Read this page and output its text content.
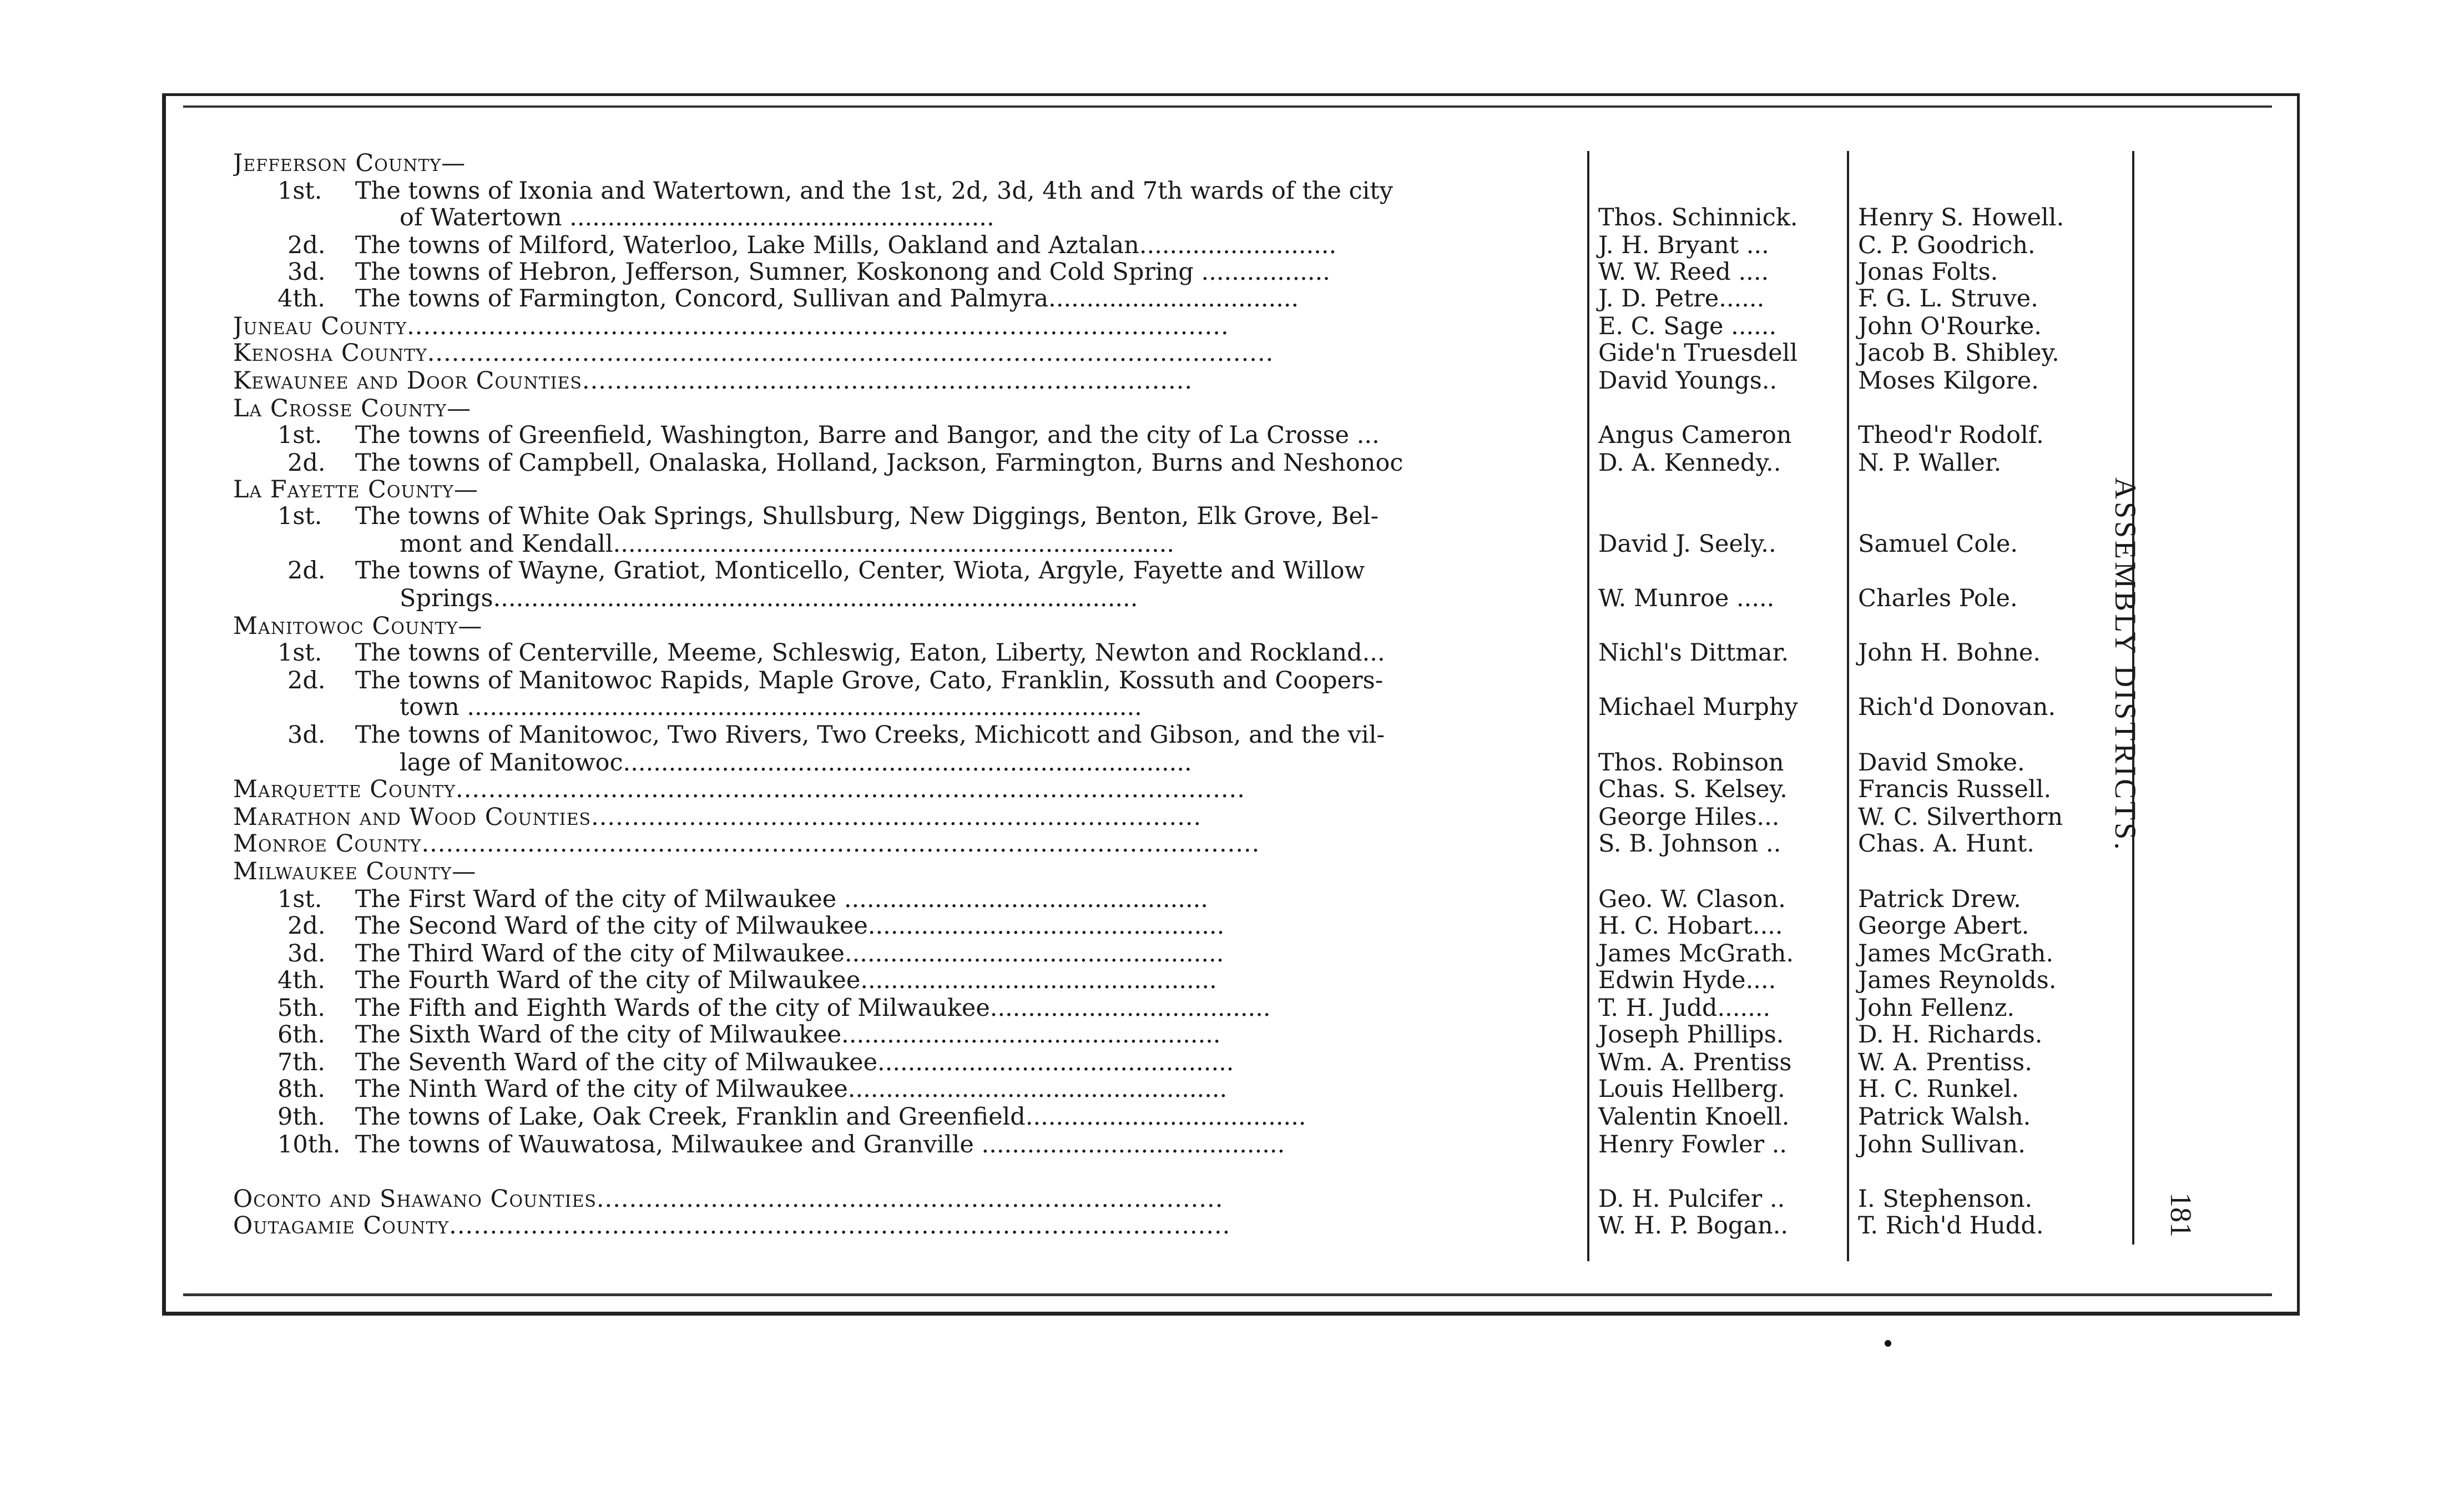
Jefferson County—
1st. The towns of Ixonia and Watertown, and the 1st, 2d, 3d, 4th and 7th wards of the city
of Watertown ........................................................	Thos. Schinnick.	Henry S. Howell.
2d. The towns of Milford, Waterloo, Lake Mills, Oakland and Aztalan..........................	J. H. Bryant ...	C. P. Goodrich.
3d. The towns of Hebron, Jefferson, Sumner, Koskonong and Cold Spring .................	W. W. Reed ....	Jonas Folts.
4th. The towns of Farmington, Concord, Sullivan and Palmyra.................................	J. D. Petre......	F. G. L. Struve.
Juneau County.....................................................................................................	E. C. Sage ......	John O'Rourke.
Kenosha County........................................................................................................	Gide'n Truesdell	Jacob B. Shibley.
Kewaunee and Door Counties...........................................................................	David Youngs..	Moses Kilgore.
La Crosse County—
1st. The towns of Greenfield, Washington, Barre and Bangor, and the city of La Crosse ...	Angus Cameron	Theod'r Rodolf.
2d. The towns of Campbell, Onalaska, Holland, Jackson, Farmington, Burns and Neshonoc	D. A. Kennedy..	N. P. Waller.
La Fayette County—
1st. The towns of White Oak Springs, Shullsburg, New Diggings, Benton, Elk Grove, Bel-
mont and Kendall..........................................................................	David J. Seely..	Samuel Cole.
2d. The towns of Wayne, Gratiot, Monticello, Center, Wiota, Argyle, Fayette and Willow
Springs.....................................................................................	W. Munroe .....	Charles Pole.
Manitowoc County—
1st. The towns of Centerville, Meeme, Schleswig, Eaton, Liberty, Newton and Rockland...	Nichl's Dittmar.	John H. Bohne.
2d. The towns of Manitowoc Rapids, Maple Grove, Cato, Franklin, Kossuth and Coopers-
town .........................................................................................	Michael Murphy	Rich'd Donovan.
3d. The towns of Manitowoc, Two Rivers, Two Creeks, Michicott and Gibson, and the vil-
lage of Manitowoc...........................................................................	Thos. Robinson	David Smoke.
Marquette County.................................................................................................	Chas. S. Kelsey.	Francis Russell.
Marathon and Wood Counties...........................................................................	George Hiles...	W. C. Silverthorn
Monroe County.......................................................................................................	S. B. Johnson ..	Chas. A. Hunt.
Milwaukee County—
1st. The First Ward of the city of Milwaukee ................................................	Geo. W. Clason.	Patrick Drew.
2d. The Second Ward of the city of Milwaukee...............................................	H. C. Hobart....	George Abert.
3d. The Third Ward of the city of Milwaukee..................................................	James McGrath.	James McGrath.
4th. The Fourth Ward of the city of Milwaukee...............................................	Edwin Hyde....	James Reynolds.
5th. The Fifth and Eighth Wards of the city of Milwaukee.....................................	T. H. Judd.......	John Fellenz.
6th. The Sixth Ward of the city of Milwaukee..................................................	Joseph Phillips.	D. H. Richards.
7th. The Seventh Ward of the city of Milwaukee...............................................	Wm. A. Prentiss	W. A. Prentiss.
8th. The Ninth Ward of the city of Milwaukee..................................................	Louis Hellberg.	H. C. Runkel.
9th. The towns of Lake, Oak Creek, Franklin and Greenfield.....................................	Valentin Knoell.	Patrick Walsh.
10th. The towns of Wauwatosa, Milwaukee and Granville ........................................	Henry Fowler ..	John Sullivan.
Oconto and Shawano Counties.............................................................................	D. H. Pulcifer ..	I. Stephenson.
Outagamie County................................................................................................	W. H. P. Bogan..	T. Rich'd Hudd.
ASSEMBLY DISTRICTS.
181
